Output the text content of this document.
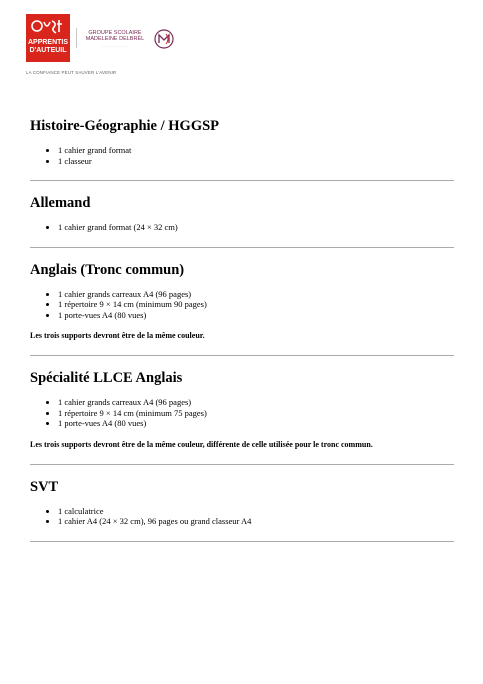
APPRENTIS
D'AUTEUIL
GROUPE SCOLAIRE
MADELEINE DELBRÊL
···························
LA CONFIANCE PEUT SAUVER L'AVENIR
Histoire-Géographie / HGGSP
• 1 cahier grand format
• 1 classeur
Allemand
• 1 cahier grand format (24 × 32 cm)
Anglais (Tronc commun)
• 1 cahier grands carreaux A4 (96 pages)
• 1 répertoire 9 × 14 cm (minimum 90 pages)
• 1 porte-vues A4 (80 vues)

Les trois supports devront être de la même couleur.

Spécialité LLCE Anglais
• 1 cahier grands carreaux A4 (96 pages)
• 1 répertoire 9 × 14 cm (minimum 75 pages)
• 1 porte-vues A4 (80 vues)

Les trois supports devront être de la même couleur, différente de celle utilisée pour le tronc commun.

SVT
• 1 calculatrice
• 1 cahier A4 (24 × 32 cm), 96 pages ou grand classeur A4
